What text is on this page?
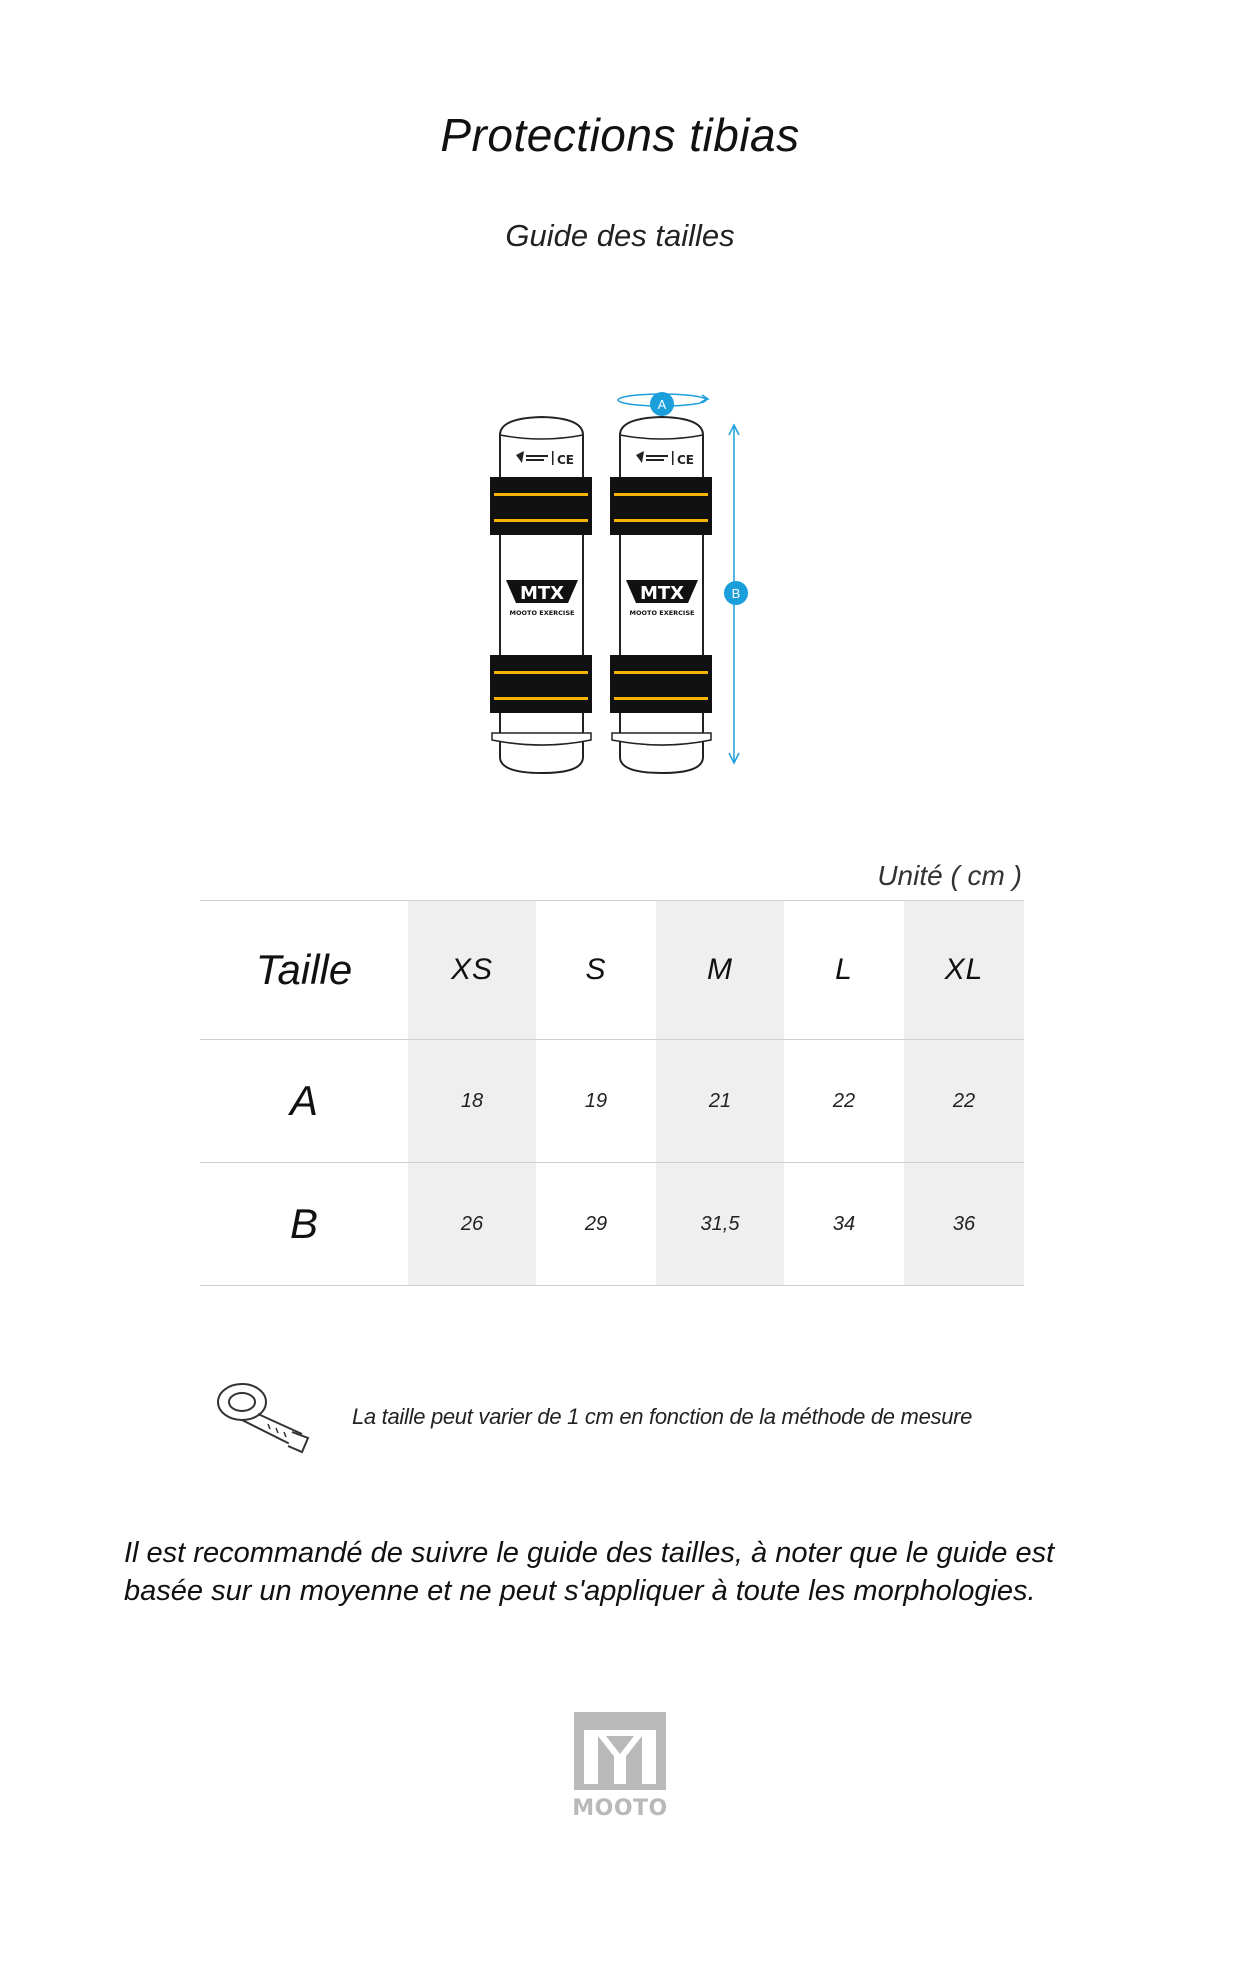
Protections tibias
Guide des tailles
CE
MTX
MOOTO EXERCISE
CE
MTX
MOOTO EXERCISE
A
B
Unité ( cm )
Taille	XS	S	M	L	XL
A	18	19	21	22	22
B	26	29	31,5	34	36
La taille peut varier de 1 cm en fonction de la méthode de mesure
Il est recommandé de suivre le guide des tailles, à noter que le guide est
basée sur un moyenne et ne peut s'appliquer à toute les morphologies.
MOOTO
